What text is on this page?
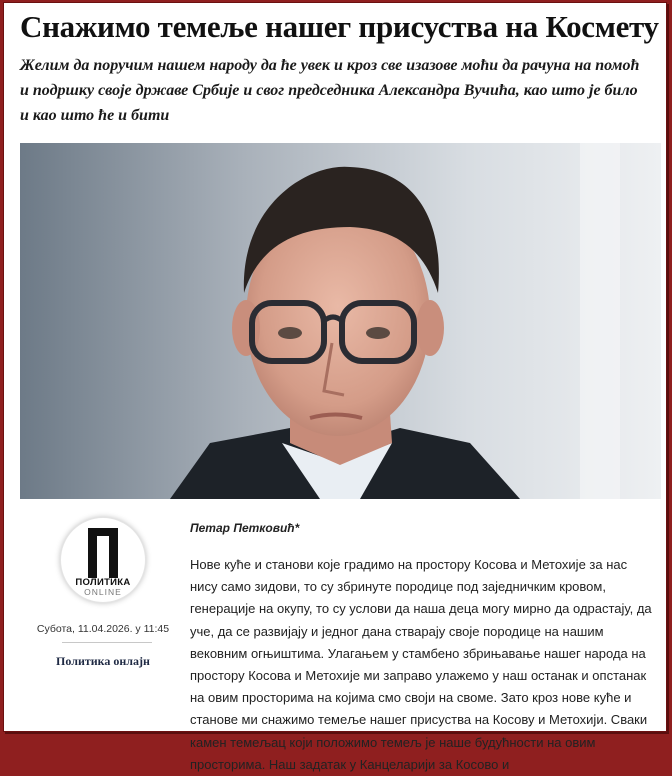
Снажимо темеље нашег присуства на Космету

Желим да поручим нашем народу да ће увек и кроз све изазове моћи да рачуна на помоћ и подршку своје државе Србије и свог председника Александра Вучића, као што је било и као што ће и бити

ПОЛИТИКА
ONLINE
Субота, 11.04.2026. у 11:45
Политика онлајн
Петар Петковић*

Нове куће и станови које градимо на простору Косова и Метохије за нас нису само зидови, то су збринуте породице под заједничким кровом, генерације на окупу, то су услови да наша деца могу мирно да одрастају, да уче, да се развијају и једног дана стварају своје породице на нашим вековним огњиштима. Улагањем у стамбено збрињавање нашег народа на простору Косова и Метохије ми заправо улажемо у наш останак и опстанак на овим просторима на којима смо своји на своме. Зато кроз нове куће и станове ми снажимо темеље нашег присуства на Косову и Метохији. Сваки камен темељац који положимо темељ је наше будућности на овим просторима. Наш задатак у Канцеларији за Косово и
